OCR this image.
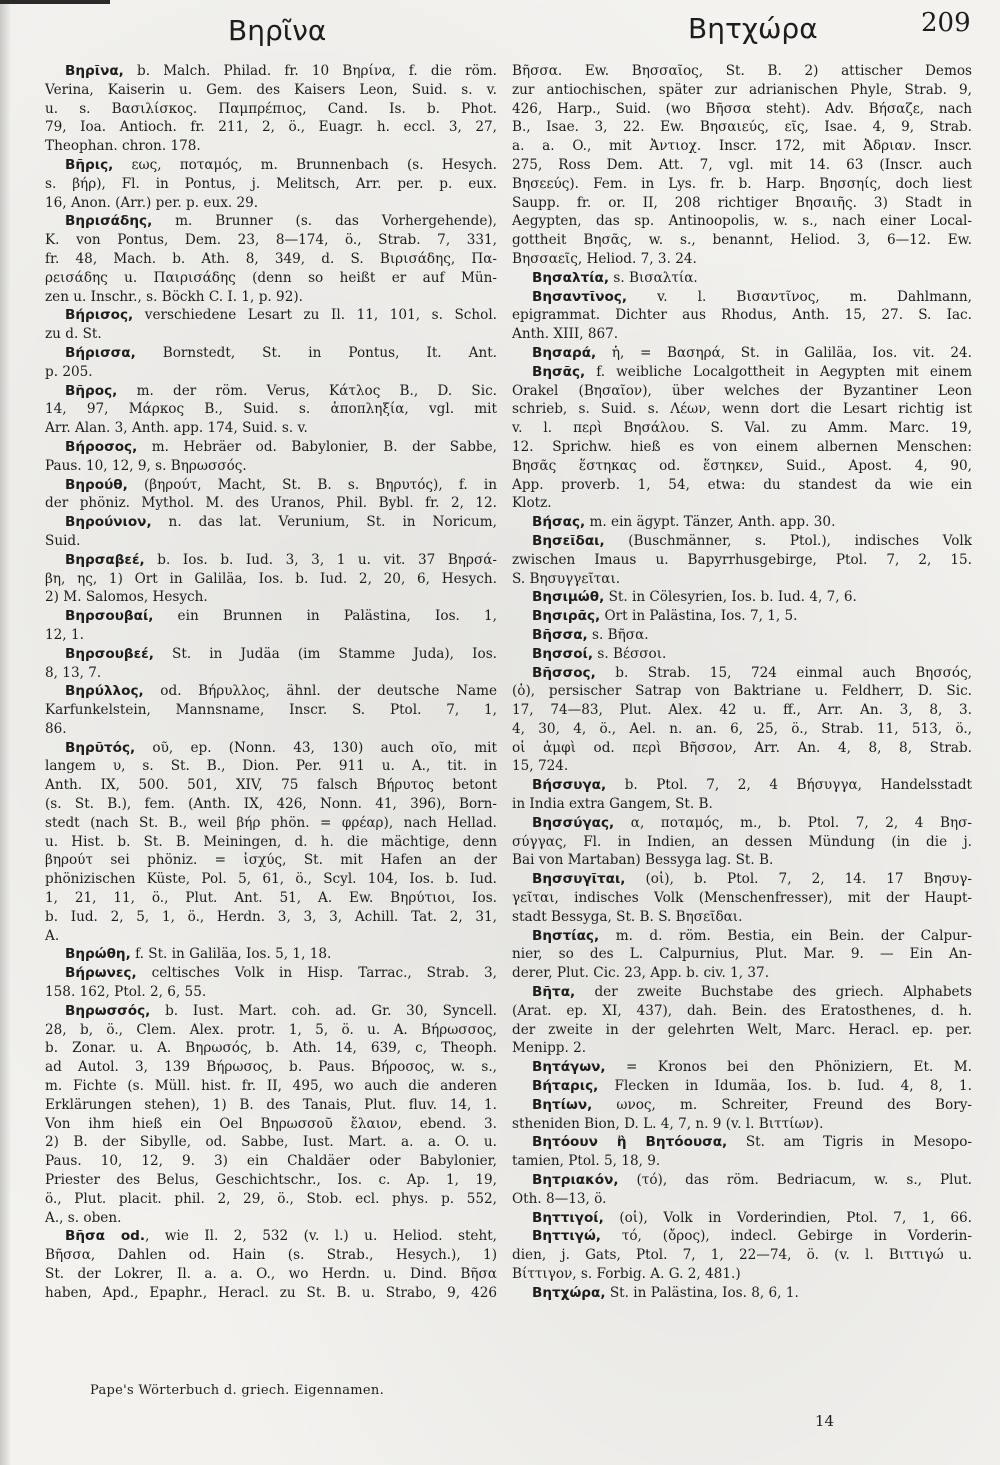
Βηρῖνα	Βητχώρα	209
Βηρῖνα, b. Malch. Philad. fr. 10 Βηρίνα, f. die röm.
Verina, Kaiserin u. Gem. des Kaisers Leon, Suid. s. v.
u. s. Βασιλίσκος. Παμπρέπιος, Cand. Is. b. Phot.
79, Ioa. Antioch. fr. 211, 2, ö., Euagr. h. eccl. 3, 27,
Theophan. chron. 178.
Βῆρις, εως, ποταμός, m. Brunnenbach (s. Hesych.
s. βήρ), Fl. in Pontus, j. Melitsch, Arr. per. p. eux.
16, Anon. (Arr.) per. p. eux. 29.
Βηρισάδης, m. Brunner (s. das Vorhergehende),
K. von Pontus, Dem. 23, 8—174, ö., Strab. 7, 331,
fr. 48, Mach. b. Ath. 8, 349, d. S. Βιρισάδης, Πα-
ρεισάδης u. Παιρισάδης (denn so heißt er auf Mün-
zen u. Inschr., s. Böckh C. I. 1, p. 92).
Βήρισος, verschiedene Lesart zu Il. 11, 101, s. Schol.
zu d. St.
Βήρισσα, Bornstedt, St. in Pontus, It. Ant.
p. 205.
Βῆρος, m. der röm. Verus, Κάτλος Β., D. Sic.
14, 97, Μάρκος Β., Suid. s. ἀποπληξία, vgl. mit
Arr. Alan. 3, Anth. app. 174, Suid. s. v.
Βήροσος, m. Hebräer od. Babylonier, B. der Sabbe,
Paus. 10, 12, 9, s. Βηρωσσός.
Βηρούθ, (βηρούτ, Macht, St. B. s. Βηρυτός), f. in
der phöniz. Mythol. M. des Uranos, Phil. Bybl. fr. 2, 12.
Βηρούνιον, n. das lat. Verunium, St. in Noricum,
Suid.
Βηρσαβεέ, b. Ios. b. Iud. 3, 3, 1 u. vit. 37 Βηρσά-
βη, ης, 1) Ort in Galiläa, Ios. b. Iud. 2, 20, 6, Hesych.
2) M. Salomos, Hesych.
Βηρσουβαί, ein Brunnen in Palästina, Ios. 1,
12, 1.
Βηρσουβεέ, St. in Judäa (im Stamme Juda), Ios.
8, 13, 7.
Βηρύλλος, od. Βήρυλλος, ähnl. der deutsche Name
Karfunkelstein, Mannsname, Inscr. S. Ptol. 7, 1,
86.
Βηρῦτός, οῦ, ep. (Nonn. 43, 130) auch οῖο, mit
langem υ, s. St. B., Dion. Per. 911 u. A., tit. in
Anth. IX, 500. 501, XIV, 75 falsch Βήρυτος betont
(s. St. B.), fem. (Anth. IX, 426, Nonn. 41, 396), Born-
stedt (nach St. B., weil βήρ phön. = φρέαρ), nach Hellad.
u. Hist. b. St. B. Meiningen, d. h. die mächtige, denn
βηρούτ sei phöniz. = ἰσχύς, St. mit Hafen an der
phönizischen Küste, Pol. 5, 61, ö., Scyl. 104, Ios. b. Iud.
1, 21, 11, ö., Plut. Ant. 51, A. Ew. Βηρύτιοι, Ios.
b. Iud. 2, 5, 1, ö., Herdn. 3, 3, 3, Achill. Tat. 2, 31,
A.
Βηρώθη, f. St. in Galiläa, Ios. 5, 1, 18.
Βήρωνες, celtisches Volk in Hisp. Tarrac., Strab. 3,
158. 162, Ptol. 2, 6, 55.
Βηρωσσός, b. Iust. Mart. coh. ad. Gr. 30, Syncell.
28, b, ö., Clem. Alex. protr. 1, 5, ö. u. A. Βήρωσσος,
b. Zonar. u. A. Βηρωσός, b. Ath. 14, 639, c, Theoph.
ad Autol. 3, 139 Βήρωσος, b. Paus. Βήροσος, w. s.,
m. Fichte (s. Müll. hist. fr. II, 495, wo auch die anderen
Erklärungen stehen), 1) B. des Tanais, Plut. fluv. 14, 1.
Von ihm hieß ein Oel Βηρωσσοῦ ἔλαιον, ebend. 3.
2) B. der Sibylle, od. Sabbe, Iust. Mart. a. a. O. u.
Paus. 10, 12, 9. 3) ein Chaldäer oder Babylonier,
Priester des Belus, Geschichtschr., Ios. c. Ap. 1, 19,
ö., Plut. placit. phil. 2, 29, ö., Stob. ecl. phys. p. 552,
A., s. oben.
Βῆσα od., wie Il. 2, 532 (v. l.) u. Heliod. steht,
Βῆσσα, Dahlen od. Hain (s. Strab., Hesych.), 1)
St. der Lokrer, Il. a. a. O., wo Herdn. u. Dind. Βῆσα
haben, Apd., Epaphr., Heracl. zu St. B. u. Strabo, 9, 426
Βῆσσα. Ew. Βησσαῖος, St. B. 2) attischer Demos
zur antiochischen, später zur adrianischen Phyle, Strab. 9,
426, Harp., Suid. (wo Βῆσσα steht). Adv. Βήσαζε, nach
B., Isae. 3, 22. Ew. Βησαιεύς, εῖς, Isae. 4, 9, Strab.
a. a. O., mit Ἀντιοχ. Inscr. 172, mit Ἀδριαν. Inscr.
275, Ross Dem. Att. 7, vgl. mit 14. 63 (Inscr. auch
Βησεεύς). Fem. in Lys. fr. b. Harp. Βησσηίς, doch liest
Saupp. fr. or. II, 208 richtiger Βησαιῆς. 3) Stadt in
Aegypten, das sp. Antinoopolis, w. s., nach einer Local-
gottheit Βησᾶς, w. s., benannt, Heliod. 3, 6—12. Ew.
Βησσαεῖς, Heliod. 7, 3. 24.
Βησαλτία, s. Βισαλτία.
Βησαντῖνος, v. l. Βισαντῖνος, m. Dahlmann,
epigrammat. Dichter aus Rhodus, Anth. 15, 27. S. Iac.
Anth. XIII, 867.
Βησαρά, ἡ, = Βασηρά, St. in Galiläa, Ios. vit. 24.
Βησᾶς, f. weibliche Localgottheit in Aegypten mit einem
Orakel (Βησαῖον), über welches der Byzantiner Leon
schrieb, s. Suid. s. Λέων, wenn dort die Lesart richtig ist
v. l. περὶ Βησάλου. S. Val. zu Amm. Marc. 19,
12. Sprichw. hieß es von einem albernen Menschen:
Βησᾶς ἕστηκας od. ἕστηκεν, Suid., Apost. 4, 90,
App. proverb. 1, 54, etwa: du standest da wie ein
Klotz.
Βήσας, m. ein ägypt. Tänzer, Anth. app. 30.
Βησεῖδαι, (Buschmänner, s. Ptol.), indisches Volk
zwischen Imaus u. Bapyrrhusgebirge, Ptol. 7, 2, 15.
S. Βησυγγεῖται.
Βησιμώθ, St. in Cölesyrien, Ios. b. Iud. 4, 7, 6.
Βησιρᾶς, Ort in Palästina, Ios. 7, 1, 5.
Βῆσσα, s. Βῆσα.
Βησσοί, s. Βέσσοι.
Βῆσσος, b. Strab. 15, 724 einmal auch Βησσός,
(ὁ), persischer Satrap von Baktriane u. Feldherr, D. Sic.
17, 74—83, Plut. Alex. 42 u. ff., Arr. An. 3, 8, 3.
4, 30, 4, ö., Ael. n. an. 6, 25, ö., Strab. 11, 513, ö.,
οἱ ἀμφὶ od. περὶ Βῆσσον, Arr. An. 4, 8, 8, Strab.
15, 724.
Βήσσυγα, b. Ptol. 7, 2, 4 Βήσυγγα, Handelsstadt
in India extra Gangem, St. B.
Βησσύγας, α, ποταμός, m., b. Ptol. 7, 2, 4 Βησ-
σύγγας, Fl. in Indien, an dessen Mündung (in die j.
Bai von Martaban) Bessyga lag. St. B.
Βησσυγῖται, (οἱ), b. Ptol. 7, 2, 14. 17 Βησυγ-
γεῖται, indisches Volk (Menschenfresser), mit der Haupt-
stadt Bessyga, St. B. S. Βησεῖδαι.
Βηστίας, m. d. röm. Bestia, ein Bein. der Calpur-
nier, so des L. Calpurnius, Plut. Mar. 9. — Ein An-
derer, Plut. Cic. 23, App. b. civ. 1, 37.
Βῆτα, der zweite Buchstabe des griech. Alphabets
(Arat. ep. XI, 437), dah. Bein. des Eratosthenes, d. h.
der zweite in der gelehrten Welt, Marc. Heracl. ep. per.
Menipp. 2.
Βητάγων, = Kronos bei den Phöniziern, Et. M.
Βήταρις, Flecken in Idumäa, Ios. b. Iud. 4, 8, 1.
Βητίων, ωνος, m. Schreiter, Freund des Bory-
stheniden Bion, D. L. 4, 7, n. 9 (v. l. Βιττίων).
Βητόουν ἢ Βητόουσα, St. am Tigris in Mesopo-
tamien, Ptol. 5, 18, 9.
Βητριακόν, (τό), das röm. Bedriacum, w. s., Plut.
Oth. 8—13, ö.
Βηττιγοί, (οἱ), Volk in Vorderindien, Ptol. 7, 1, 66.
Βηττιγώ, τό, (ὄρος), indecl. Gebirge in Vorderin-
dien, j. Gats, Ptol. 7, 1, 22—74, ö. (v. l. Βιττιγώ u.
Βίττιγον, s. Forbig. A. G. 2, 481.)
Βητχώρα, St. in Palästina, Ios. 8, 6, 1.
Pape's Wörterbuch d. griech. Eigennamen.
14
